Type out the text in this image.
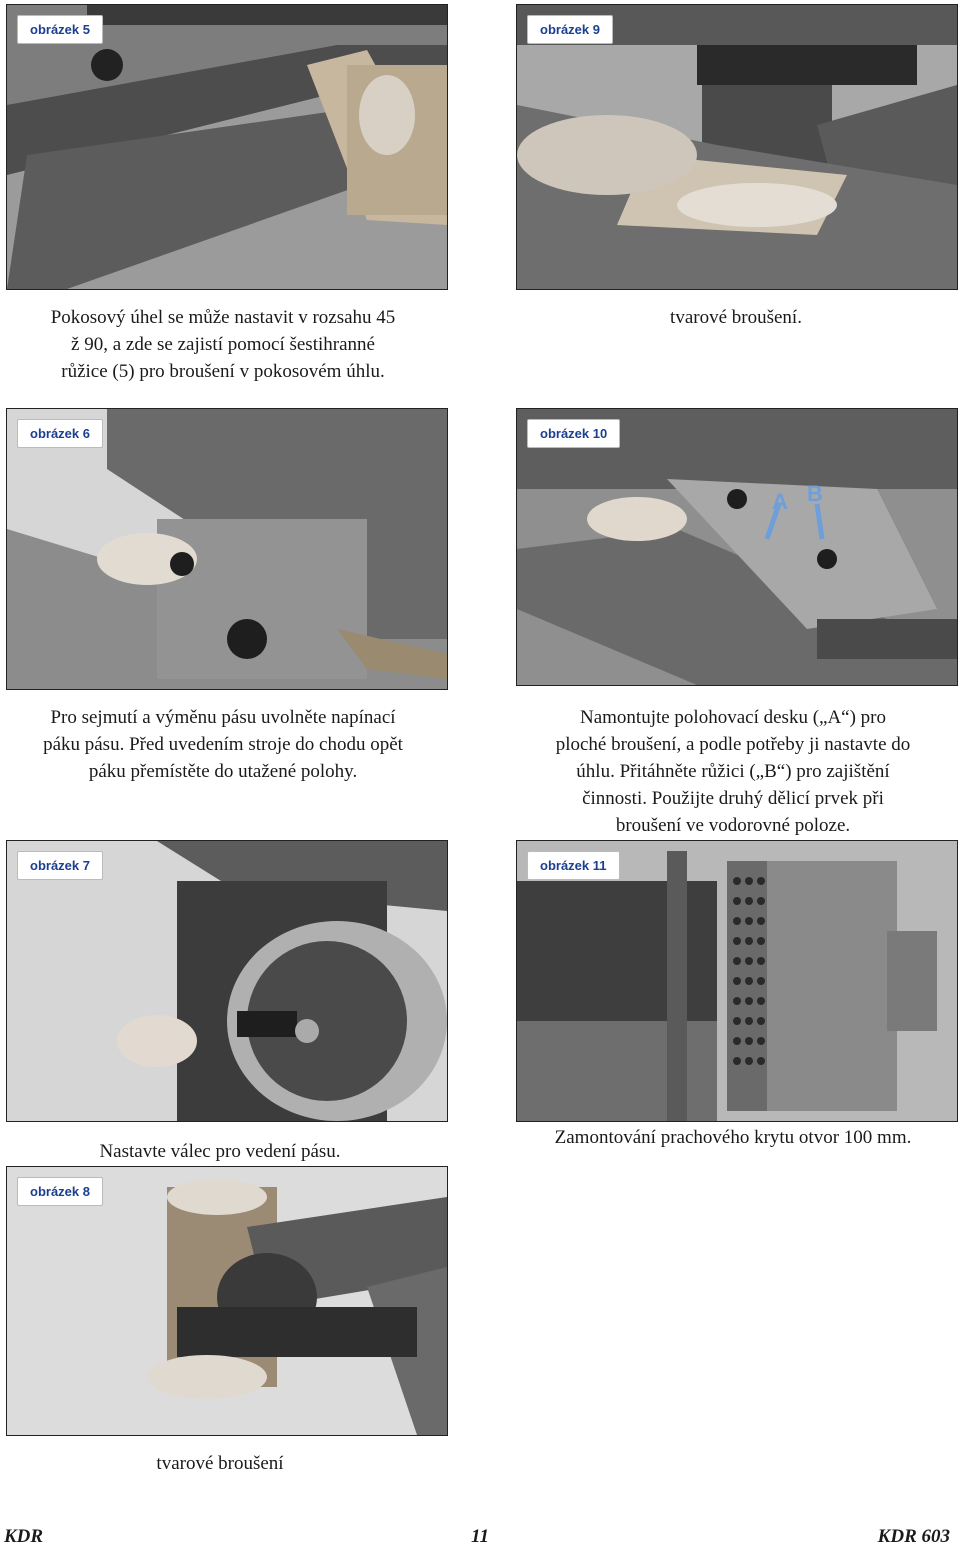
obrázek 5
Pokosový úhel se může nastavit v rozsahu 45
ž 90, a zde se zajistí pomocí šestihranné
růžice (5) pro broušení v pokosovém úhlu.
obrázek 9
tvarové broušení.
obrázek 6
Pro sejmutí a výměnu pásu uvolněte napínací
páku pásu. Před uvedením stroje do chodu opět
páku přemístěte do utažené polohy.
A B
obrázek 10
Namontujte polohovací desku („A“) pro
ploché broušení, a podle potřeby ji nastavte do
úhlu. Přitáhněte růžici („B“) pro zajištění
činnosti. Použijte druhý dělicí prvek při
broušení ve vodorovné poloze.
obrázek 7
Nastavte válec pro vedení pásu.
obrázek 11
Zamontování prachového krytu otvor 100 mm.
obrázek 8
tvarové broušení
KDR	11	KDR 603
